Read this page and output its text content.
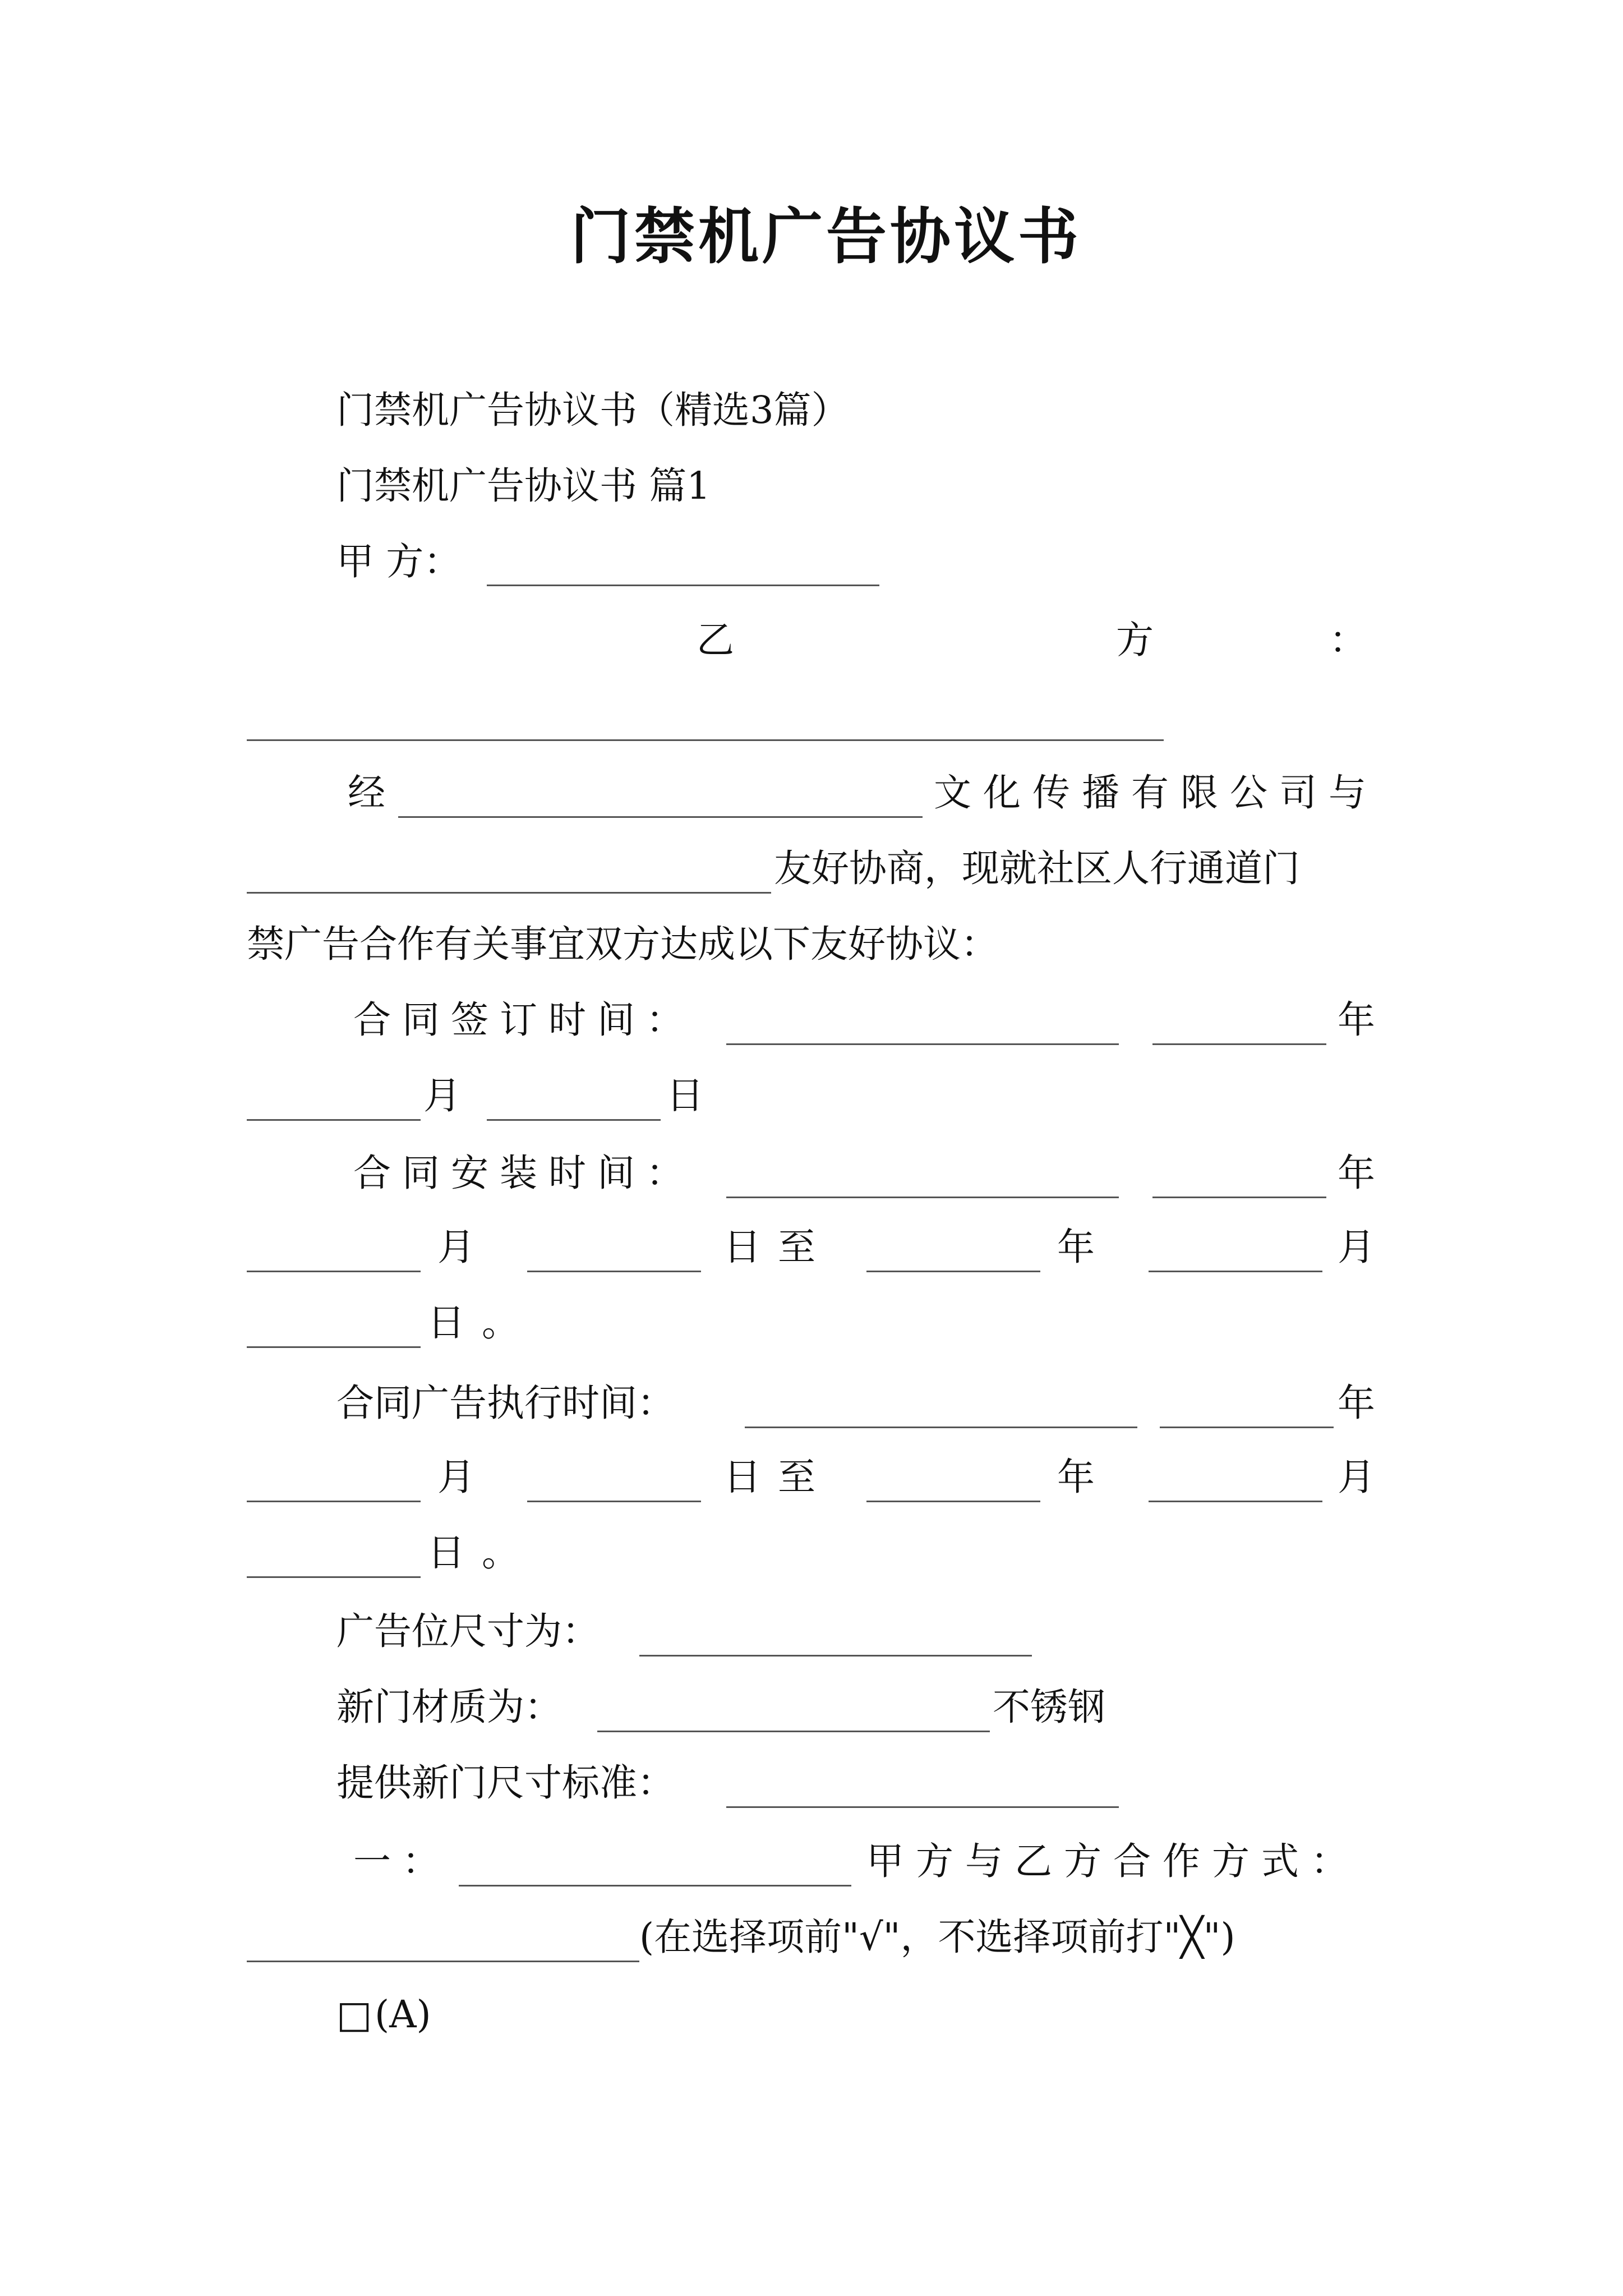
门禁机广告协议书
门禁机广告协议书（精选3篇）
门禁机广告协议书 篇1
甲 方：
乙	方	：
经	文化传播有限公司与
友好协商，现就社区人行通道门
禁广告合作有关事宜双方达成以下友好协议：
合同签订时间：	年
月	日
合同安装时间：	年
月	日至	年	月
日。
合同广告执行时间：	年
月	日至	年	月
日。
广告位尺寸为：
新门材质为：	不锈钢
提供新门尺寸标准：
一：	甲方与乙方合作方式：
(在选择项前"√"，不选择项前打"╳")
□ (A)
